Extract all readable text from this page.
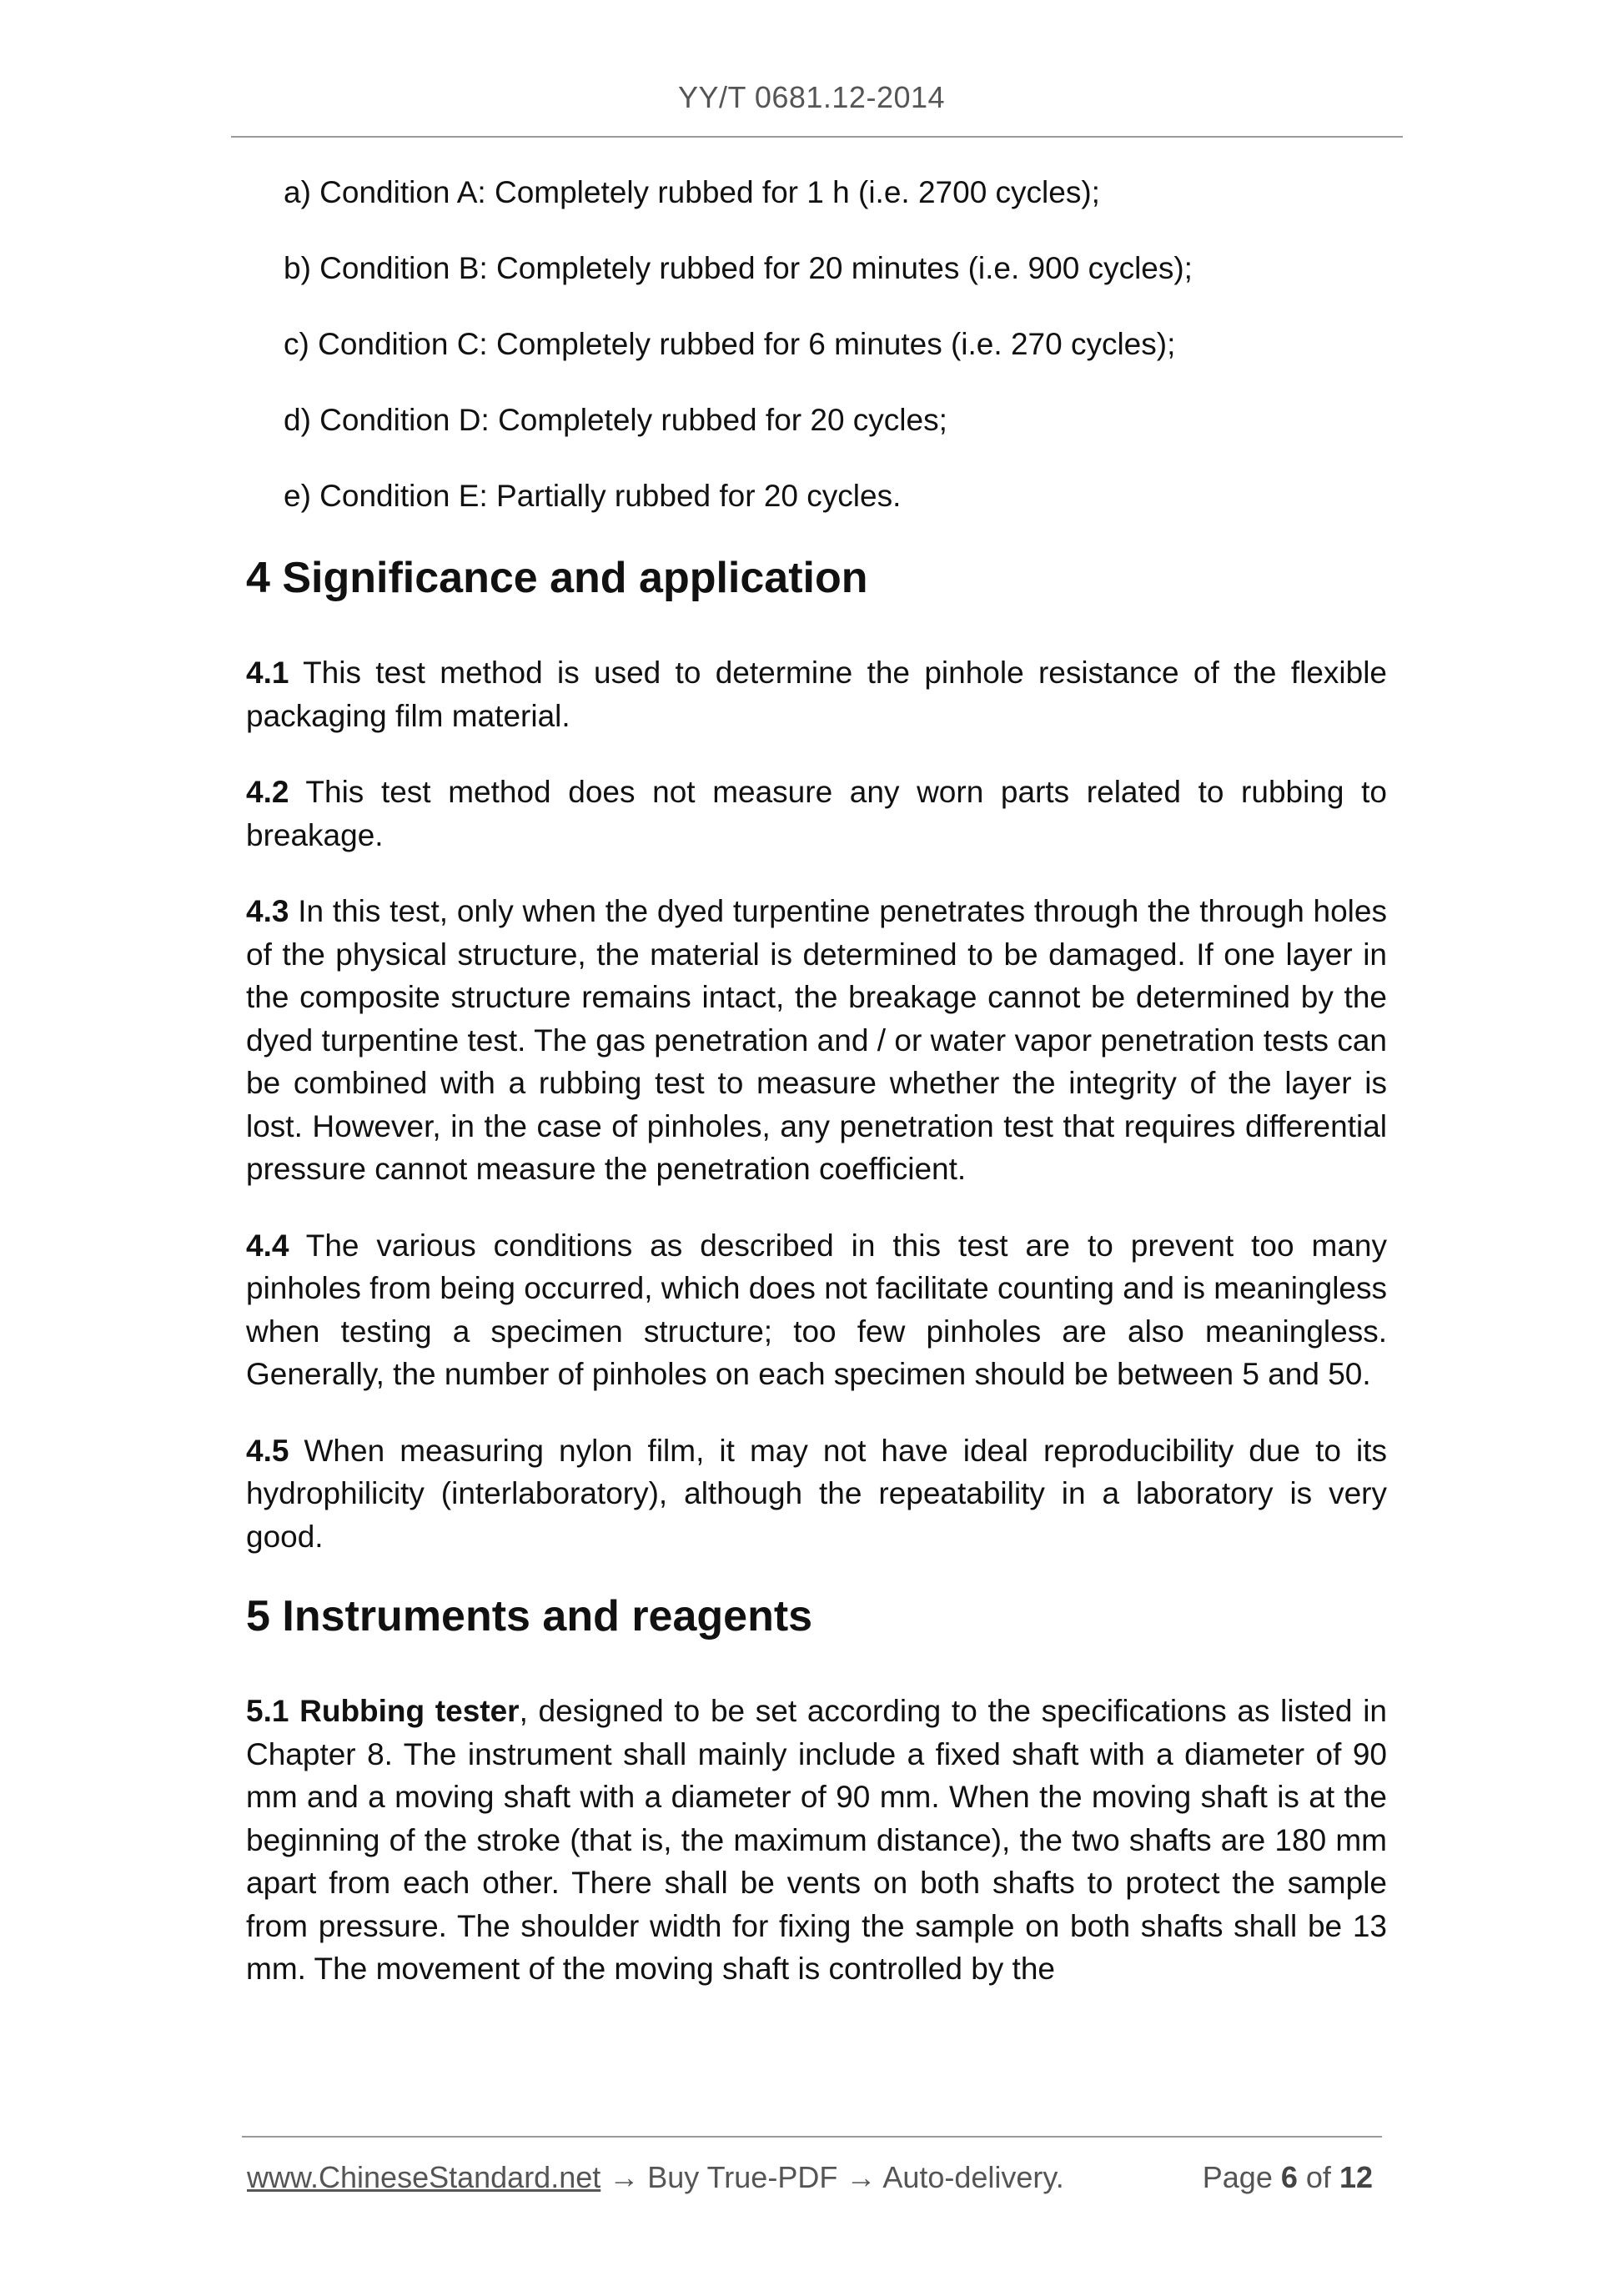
YY/T 0681.12-2014
a) Condition A: Completely rubbed for 1 h (i.e. 2700 cycles);
b) Condition B: Completely rubbed for 20 minutes (i.e. 900 cycles);
c) Condition C: Completely rubbed for 6 minutes (i.e. 270 cycles);
d) Condition D: Completely rubbed for 20 cycles;
e) Condition E: Partially rubbed for 20 cycles.
4 Significance and application

4.1 This test method is used to determine the pinhole resistance of the flexible packaging film material.

4.2 This test method does not measure any worn parts related to rubbing to breakage.

4.3 In this test, only when the dyed turpentine penetrates through the through holes of the physical structure, the material is determined to be damaged. If one layer in the composite structure remains intact, the breakage cannot be determined by the dyed turpentine test. The gas penetration and / or water vapor penetration tests can be combined with a rubbing test to measure whether the integrity of the layer is lost. However, in the case of pinholes, any penetration test that requires differential pressure cannot measure the penetration coefficient.

4.4 The various conditions as described in this test are to prevent too many pinholes from being occurred, which does not facilitate counting and is meaningless when testing a specimen structure; too few pinholes are also meaningless. Generally, the number of pinholes on each specimen should be between 5 and 50.

4.5 When measuring nylon film, it may not have ideal reproducibility due to its hydrophilicity (interlaboratory), although the repeatability in a laboratory is very good.

5 Instruments and reagents

5.1 Rubbing tester, designed to be set according to the specifications as listed in Chapter 8. The instrument shall mainly include a fixed shaft with a diameter of 90 mm and a moving shaft with a diameter of 90 mm. When the moving shaft is at the beginning of the stroke (that is, the maximum distance), the two shafts are 180 mm apart from each other. There shall be vents on both shafts to protect the sample from pressure. The shoulder width for fixing the sample on both shafts shall be 13 mm. The movement of the moving shaft is controlled by the

www.ChineseStandard.net → Buy True-PDF → Auto-delivery.	Page 6 of 12
